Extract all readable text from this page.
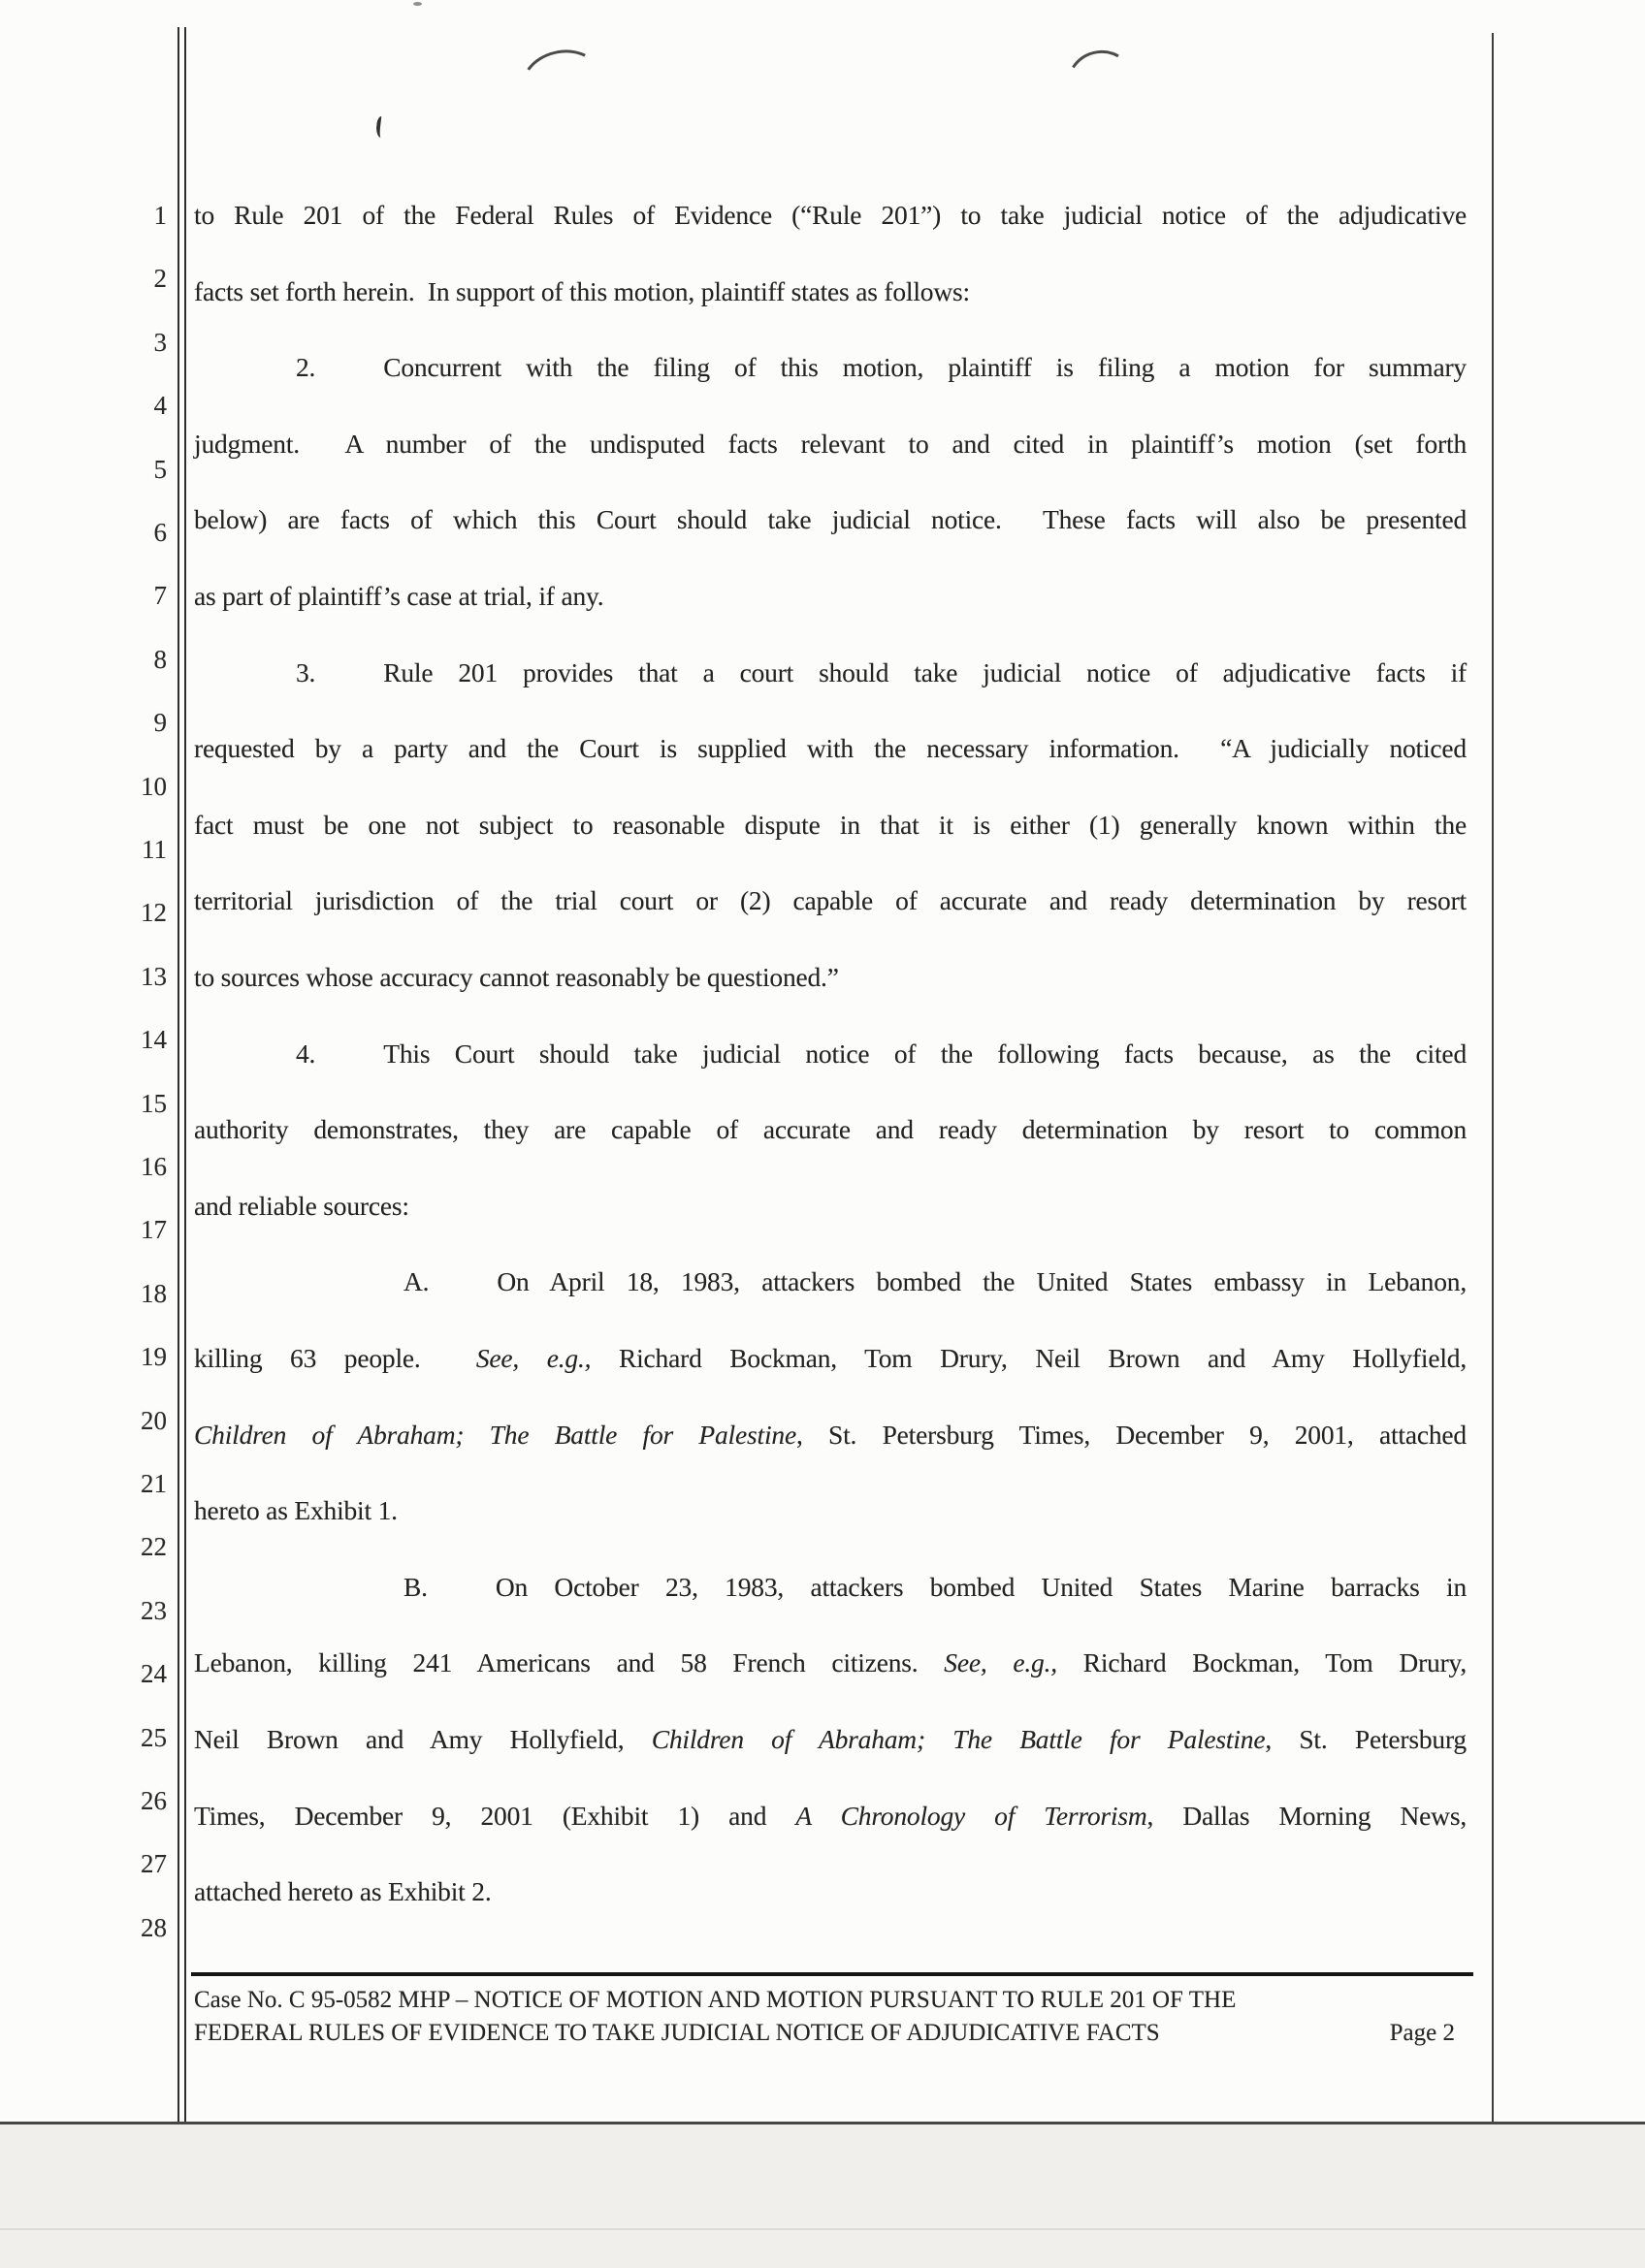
1
2
3
4
5
6
7
8
9
10
11
12
13
14
15
16
17
18
19
20
21
22
23
24
25
26
27
28
to Rule 201 of the Federal Rules of Evidence (“Rule 201”) to take judicial notice of the adjudicative
facts set forth herein.  In support of this motion, plaintiff states as follows:
2.	Concurrent with the filing of this motion, plaintiff is filing a motion for summary
judgment.  A number of the undisputed facts relevant to and cited in plaintiff’s motion (set forth
below) are facts of which this Court should take judicial notice.  These facts will also be presented
as part of plaintiff’s case at trial, if any.
3.	Rule 201 provides that a court should take judicial notice of adjudicative facts if
requested by a party and the Court is supplied with the necessary information.  “A judicially noticed
fact must be one not subject to reasonable dispute in that it is either (1) generally known within the
territorial jurisdiction of the trial court or (2) capable of accurate and ready determination by resort
to sources whose accuracy cannot reasonably be questioned.”
4.	This Court should take judicial notice of the following facts because, as the cited
authority demonstrates, they are capable of accurate and ready determination by resort to common
and reliable sources:
A.	On April 18, 1983, attackers bombed the United States embassy in Lebanon,
killing 63 people.  See, e.g., Richard Bockman, Tom Drury, Neil Brown and Amy Hollyfield,
Children of Abraham; The Battle for Palestine, St. Petersburg Times, December 9, 2001, attached
hereto as Exhibit 1.
B.	On October 23, 1983, attackers bombed United States Marine barracks in
Lebanon, killing 241 Americans and 58 French citizens. See, e.g., Richard Bockman, Tom Drury,
Neil Brown and Amy Hollyfield, Children of Abraham; The Battle for Palestine, St. Petersburg
Times, December 9, 2001 (Exhibit 1) and A Chronology of Terrorism, Dallas Morning News,
attached hereto as Exhibit 2.
Case No. C 95-0582 MHP – NOTICE OF MOTION AND MOTION PURSUANT TO RULE 201 OF THE
FEDERAL RULES OF EVIDENCE TO TAKE JUDICIAL NOTICE OF ADJUDICATIVE FACTS	Page 2
